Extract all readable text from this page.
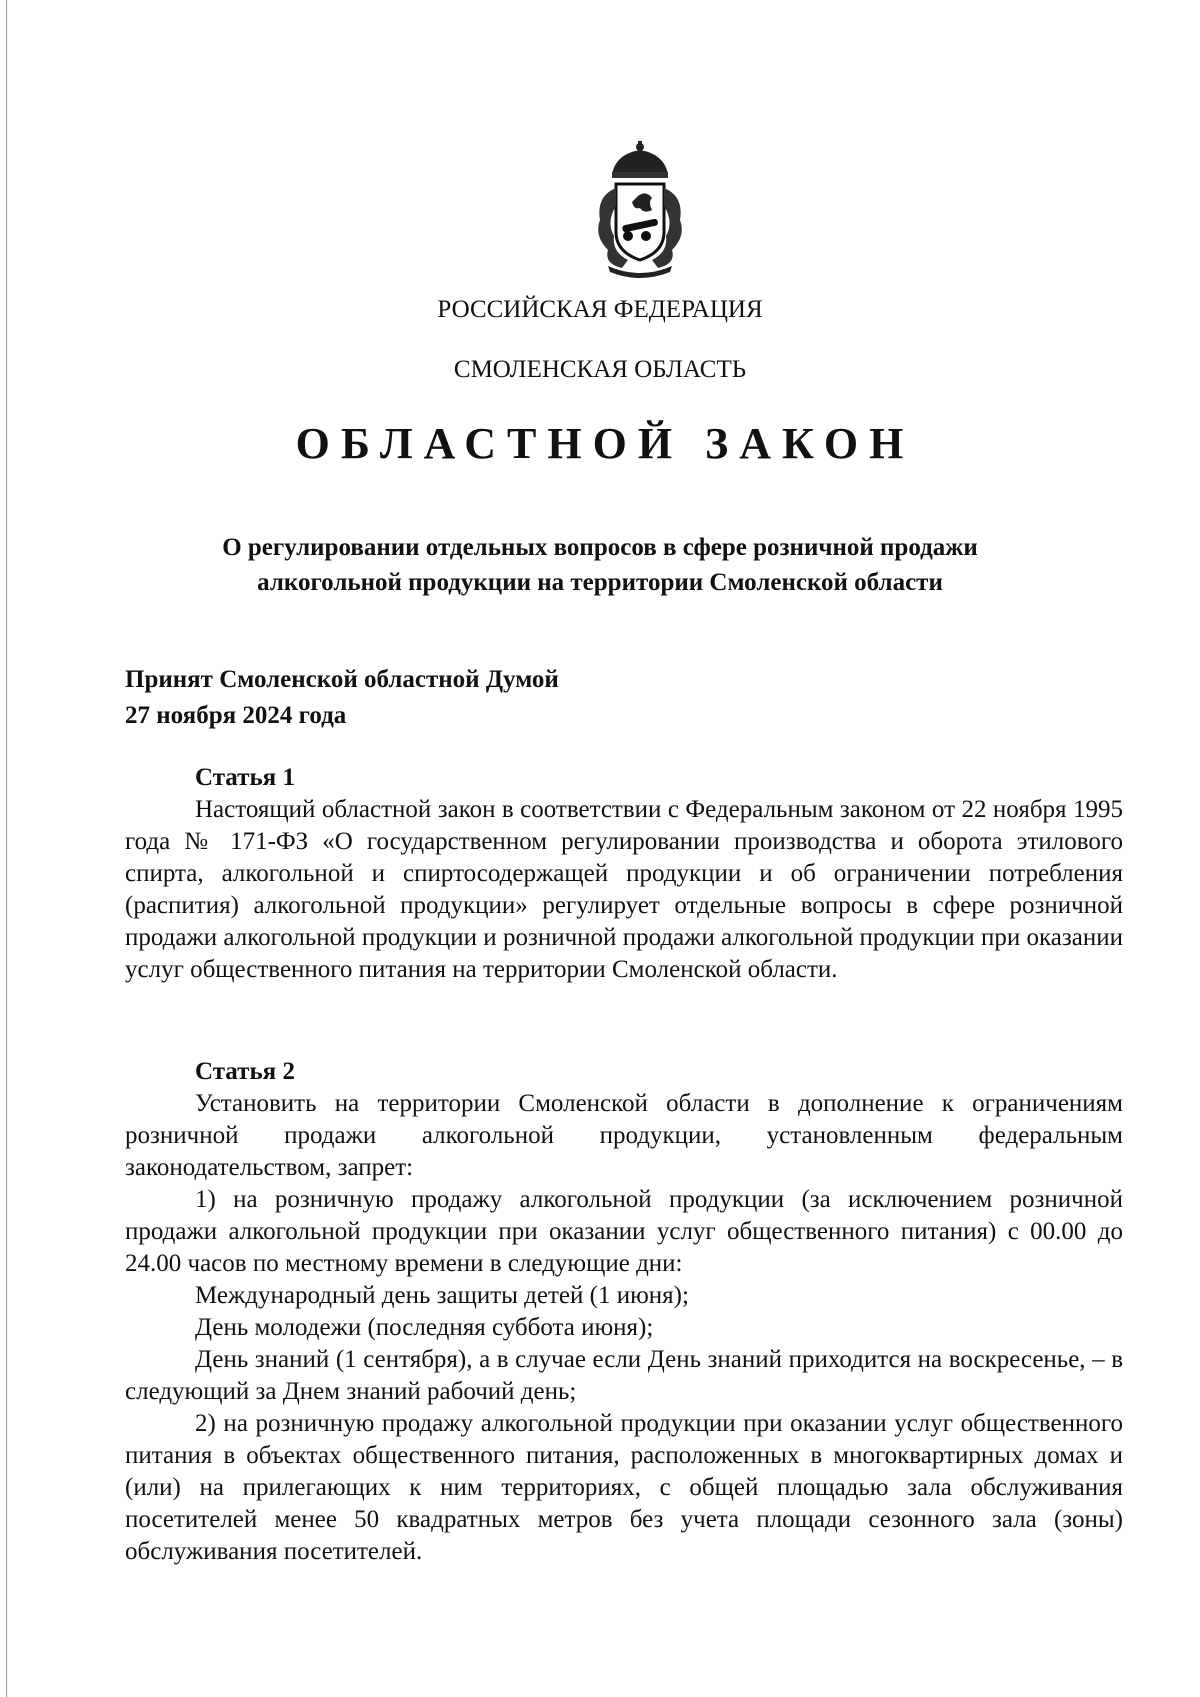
РОССИЙСКАЯ ФЕДЕРАЦИЯ
СМОЛЕНСКАЯ ОБЛАСТЬ
ОБЛАСТНОЙ ЗАКОН
О регулировании отдельных вопросов в сфере розничной продажи
алкогольной продукции на территории Смоленской области
Принят Смоленской областной Думой
27 ноября 2024 года
Статья 1

Настоящий областной закон в соответствии с Федеральным законом от 22 ноября 1995 года № 171-ФЗ «О государственном регулировании производства и оборота этилового спирта, алкогольной и спиртосодержащей продукции и об ограничении потребления (распития) алкогольной продукции» регулирует отдельные вопросы в сфере розничной продажи алкогольной продукции и розничной продажи алкогольной продукции при оказании услуг общественного питания на территории Смоленской области.

Статья 2

Установить на территории Смоленской области в дополнение к ограничениям розничной продажи алкогольной продукции, установленным федеральным законодательством, запрет:

1) на розничную продажу алкогольной продукции (за исключением розничной продажи алкогольной продукции при оказании услуг общественного питания) с 00.00 до 24.00 часов по местному времени в следующие дни:

Международный день защиты детей (1 июня);

День молодежи (последняя суббота июня);

День знаний (1 сентября), а в случае если День знаний приходится на воскресенье, – в следующий за Днем знаний рабочий день;

2) на розничную продажу алкогольной продукции при оказании услуг общественного питания в объектах общественного питания, расположенных в многоквартирных домах и (или) на прилегающих к ним территориях, с общей площадью зала обслуживания посетителей менее 50 квадратных метров без учета площади сезонного зала (зоны) обслуживания посетителей.
